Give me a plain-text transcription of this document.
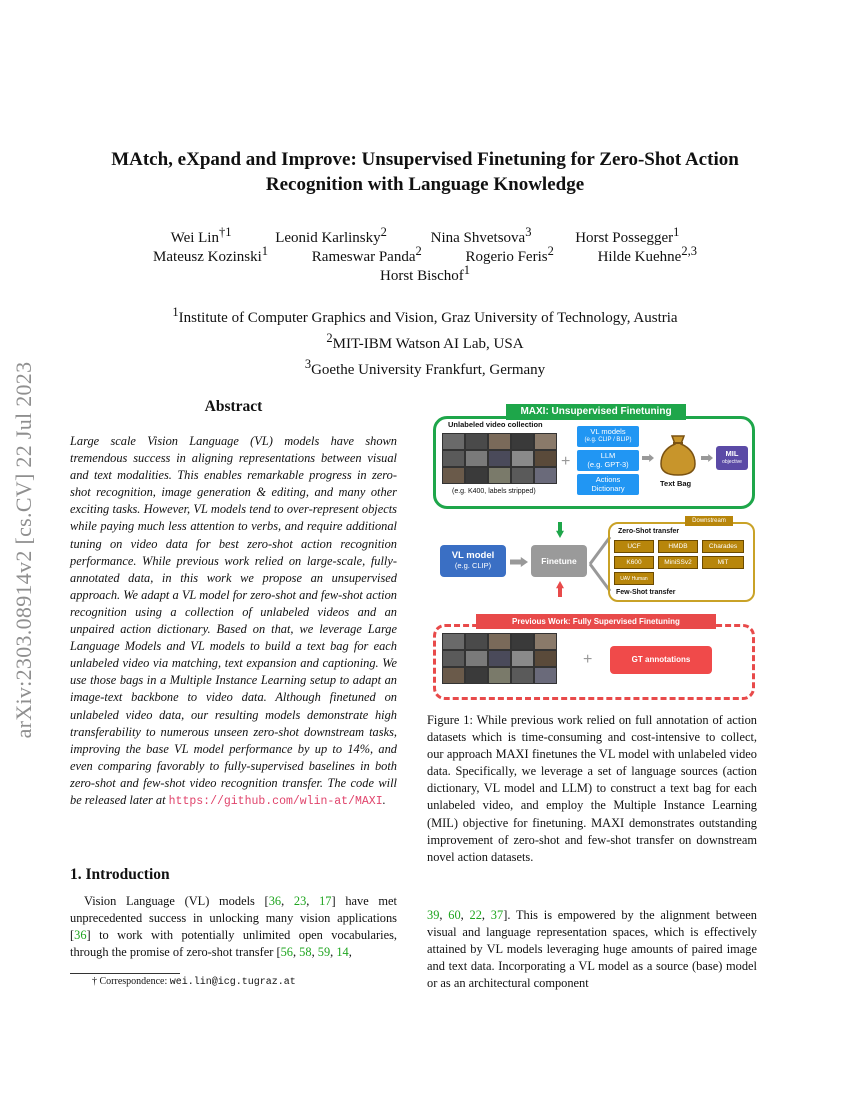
arXiv:2303.08914v2 [cs.CV] 22 Jul 2023
MAtch, eXpand and Improve: Unsupervised Finetuning for Zero-Shot Action
Recognition with Language Knowledge
Wei Lin$^{\dagger 1}$	Leonid Karlinsky$^2$	Nina Shvetsova$^3$	Horst Possegger$^1$
Mateusz Kozinski$^1$	Rameswar Panda$^2$	Rogerio Feris$^2$	Hilde Kuehne$^{2,3}$
Horst Bischof$^1$
$^1$Institute of Computer Graphics and Vision, Graz University of Technology, Austria
$^2$MIT-IBM Watson AI Lab, USA
$^3$Goethe University Frankfurt, Germany
Abstract
Large scale Vision Language (VL) models have shown tremendous success in aligning representations between visual and text modalities. This enables remarkable progress in zero-shot recognition, image generation & editing, and many other exciting tasks. However, VL models tend to over-represent objects while paying much less attention to verbs, and require additional tuning on video data for best zero-shot action recognition performance. While previous work relied on large-scale, fully-annotated data, in this work we propose an unsupervised approach. We adapt a VL model for zero-shot and few-shot action recognition using a collection of unlabeled videos and an unpaired action dictionary. Based on that, we leverage Large Language Models and VL models to build a text bag for each unlabeled video via matching, text expansion and captioning. We use those bags in a Multiple Instance Learning setup to adapt an image-text backbone to video data. Although finetuned on unlabeled video data, our resulting models demonstrate high transferability to numerous unseen zero-shot downstream tasks, improving the base VL model performance by up to 14%, and even comparing favorably to fully-supervised baselines in both zero-shot and few-shot video recognition transfer. The code will be released later at https://github.com/wlin-at/MAXI.
1. Introduction
Vision Language (VL) models [36, 23, 17] have met unprecedented success in unlocking many vision applications [36] to work with potentially unlimited open vocabularies, through the promise of zero-shot transfer [56, 58, 59, 14,
† Correspondence: wei.lin@icg.tugraz.at
MAXI: Unsupervised Finetuning
Unlabeled video collection
(e.g. K400, labels stripped)
+
VL models
(e.g. CLIP / BLIP)
LLM
(e.g. GPT-3)
Actions
Dictionary
Text Bag
MIL
objective
VL model
(e.g. CLIP)	Finetune
Downstream
Zero-Shot transfer
UCF	HMDB	Charades
K600	MiniSSv2	MiT
UAV Human
Few-Shot transfer
Previous Work: Fully Supervised Finetuning
+	GT annotations
Figure 1: While previous work relied on full annotation of action datasets which is time-consuming and cost-intensive to collect, our approach MAXI finetunes the VL model with unlabeled video data. Specifically, we leverage a set of language sources (action dictionary, VL model and LLM) to construct a text bag for each unlabeled video, and employ the Multiple Instance Learning (MIL) objective for finetuning. MAXI demonstrates outstanding improvement of zero-shot and few-shot transfer on downstream novel action datasets.
39, 60, 22, 37]. This is empowered by the alignment between visual and language representation spaces, which is effectively attained by VL models leveraging huge amounts of paired image and text data. Incorporating a VL model as a source (base) model or as an architectural component
